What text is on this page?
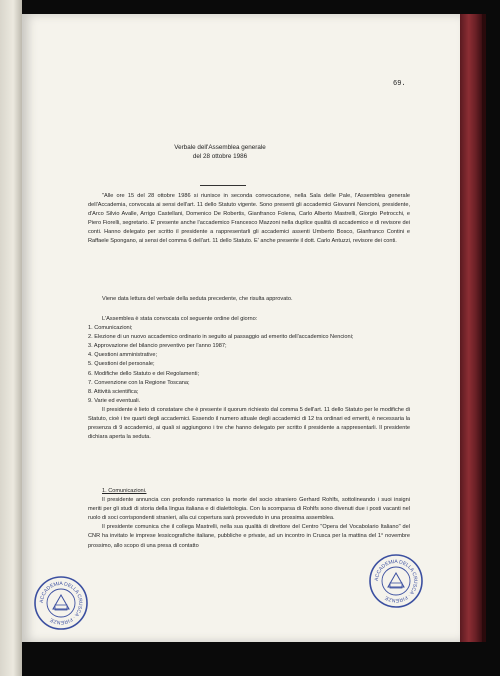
69.
Verbale dell'Assemblea generale
del 28 ottobre 1986

"Alle ore 15 del 28 ottobre 1986 si riunisce in seconda convocazione, nella Sala delle Pale, l'Assemblea generale dell'Accademia, convocata ai sensi dell'art. 11 dello Statuto vigente. Sono presenti gli accademici Giovanni Nencioni, presidente, d'Arco Silvio Avalle, Arrigo Castellani, Domenico De Robertis, Gianfranco Folena, Carlo Alberto Mastrelli, Giorgio Petrocchi, e Piero Fiorelli, segretario. E' presente anche l'accademico Francesco Mazzoni nella duplice qualità di accademico e di revisore dei conti. Hanno delegato per scritto il presidente a rappresentarli gli accademici assenti Umberto Bosco, Gianfranco Contini e Raffaele Spongano, ai sensi del comma 6 dell'art. 11 dello Statuto. E' anche presente il dott. Carlo Antuzzi, revisore dei conti.

Viene data lettura del verbale della seduta precedente, che risulta approvato.

L'Assemblea è stata convocata col seguente ordine del giorno:

1. Comunicazioni;

2. Elezione di un nuovo accademico ordinario in seguito al passaggio ad emerito dell'accademico Nencioni;

3. Approvazione del bilancio preventivo per l'anno 1987;

4. Questioni amministrative;

5. Questioni del personale;

6. Modifiche dello Statuto e dei Regolamenti;

7. Convenzione con la Regione Toscana;

8. Attività scientifica;

9. Varie ed eventuali.

Il presidente è lieto di constatare che è presente il quorum richiesto dal comma 5 dell'art. 11 dello Statuto per le modifiche di Statuto, cioè i tre quarti degli accademici. Essendo il numero attuale degli accademici di 12 tra ordinari ed emeriti, è necessaria la presenza di 9 accademici, ai quali si aggiungono i tre che hanno delegato per scritto il presidente a rappresentarli. Il presidente dichiara aperta la seduta.

1. Comunicazioni.

Il presidente annuncia con profondo rammarico la morte del socio straniero Gerhard Rohlfs, sottolineando i suoi insigni meriti per gli studi di storia della lingua italiana e di dialettologia. Con la scomparsa di Rohlfs sono divenuti due i posti vacanti nel ruolo di soci corrispondenti stranieri, alla cui copertura sarà provveduto in una prossima assemblea.

Il presidente comunica che il collega Mastrelli, nella sua qualità di direttore del Centro "Opera del Vocabolario Italiano" del CNR ha invitato le imprese lessicografiche italiane, pubbliche e private, ad un incontro in Crusca per la mattina del 1° novembre prossimo, allo scopo di una presa di contatto

ACCADEMIA DELLA CRUSCA · FIRENZE
ACCADEMIA DELLA CRUSCA · FIRENZE
